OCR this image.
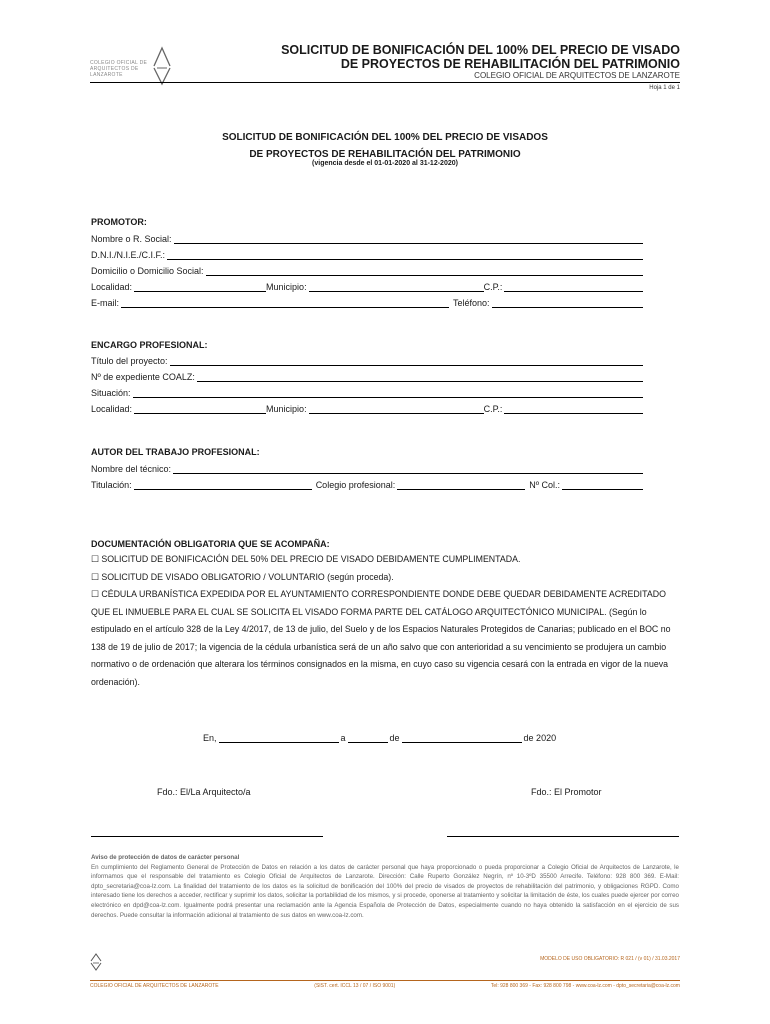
COLEGIO OFICIAL DE
ARQUITECTOS DE
LANZAROTE
SOLICITUD DE BONIFICACIÓN DEL 100% DEL PRECIO DE VISADO
DE PROYECTOS DE REHABILITACIÓN DEL PATRIMONIO
COLEGIO OFICIAL DE ARQUITECTOS DE LANZAROTE
Hoja 1 de 1
SOLICITUD DE BONIFICACIÓN DEL 100% DEL PRECIO DE VISADOS
DE PROYECTOS DE REHABILITACIÓN DEL PATRIMONIO
(vigencia desde el 01-01-2020 al 31-12-2020)
PROMOTOR:
Nombre o R. Social:
D.N.I./N.I.E./C.I.F.:
Domicilio o Domicilio Social:
Localidad:	Municipio:	C.P.:
E-mail:	Teléfono:
ENCARGO PROFESIONAL:
Título del proyecto:
Nº de expediente COALZ:
Situación:
Localidad:	Municipio:	C.P.:
AUTOR DEL TRABAJO PROFESIONAL:
Nombre del técnico:
Titulación:	Colegio profesional:	Nº Col.:
DOCUMENTACIÓN OBLIGATORIA QUE SE ACOMPAÑA:

☐ SOLICITUD DE BONIFICACIÓN DEL 50% DEL PRECIO DE VISADO DEBIDAMENTE CUMPLIMENTADA.

☐ SOLICITUD DE VISADO OBLIGATORIO / VOLUNTARIO (según proceda).

☐ CÉDULA URBANÍSTICA EXPEDIDA POR EL AYUNTAMIENTO CORRESPONDIENTE DONDE DEBE QUEDAR DEBIDAMENTE ACREDITADO QUE EL INMUEBLE PARA EL CUAL SE SOLICITA EL VISADO FORMA PARTE DEL CATÁLOGO ARQUITECTÓNICO MUNICIPAL. (Según lo estipulado en el artículo 328 de la Ley 4/2017, de 13 de julio, del Suelo y de los Espacios Naturales Protegidos de Canarias; publicado en el BOC no 138 de 19 de julio de 2017; la vigencia de la cédula urbanística será de un año salvo que con anterioridad a su vencimiento se produjera un cambio normativo o de ordenación que alterara los términos consignados en la misma, en cuyo caso su vigencia cesará con la entrada en vigor de la nueva ordenación).

En,	a	de	de 2020
Fdo.: El/La Arquitecto/a	Fdo.: El Promotor
Aviso de protección de datos de carácter personal
En cumplimiento del Reglamento General de Protección de Datos en relación a los datos de carácter personal que haya proporcionado o pueda proporcionar a Colegio Oficial de Arquitectos de Lanzarote, le informamos que el responsable del tratamiento es Colegio Oficial de Arquitectos de Lanzarote. Dirección: Calle Ruperto González Negrín, nº 10-3ºD 35500 Arrecife. Teléfono: 928 800 369. E-Mail: dpto_secretaria@coa-lz.com. La finalidad del tratamiento de los datos es la solicitud de bonificación del 100% del precio de visados de proyectos de rehabilitación del patrimonio, y obligaciones RGPD. Como interesado tiene los derechos a acceder, rectificar y suprimir los datos, solicitar la portabilidad de los mismos, y si procede, oponerse al tratamiento y solicitar la limitación de éste, los cuales puede ejercer por correo electrónico en dpd@coa-lz.com. Igualmente podrá presentar una reclamación ante la Agencia Española de Protección de Datos, especialmente cuando no haya obtenido la satisfacción en el ejercicio de sus derechos. Puede consultar la información adicional al tratamiento de sus datos en www.coa-lz.com.
MODELO DE USO OBLIGATORIO: R 021 / (v 01) / 31.03.2017
COLEGIO OFICIAL DE ARQUITECTOS DE LANZAROTE	(SIST. cert. ICCL 13 / 07 / ISO 9001)	Tel: 928 800 369 - Fax: 928 800 798 - www.coa-lz.com - dpto_secretaria@coa-lz.com
